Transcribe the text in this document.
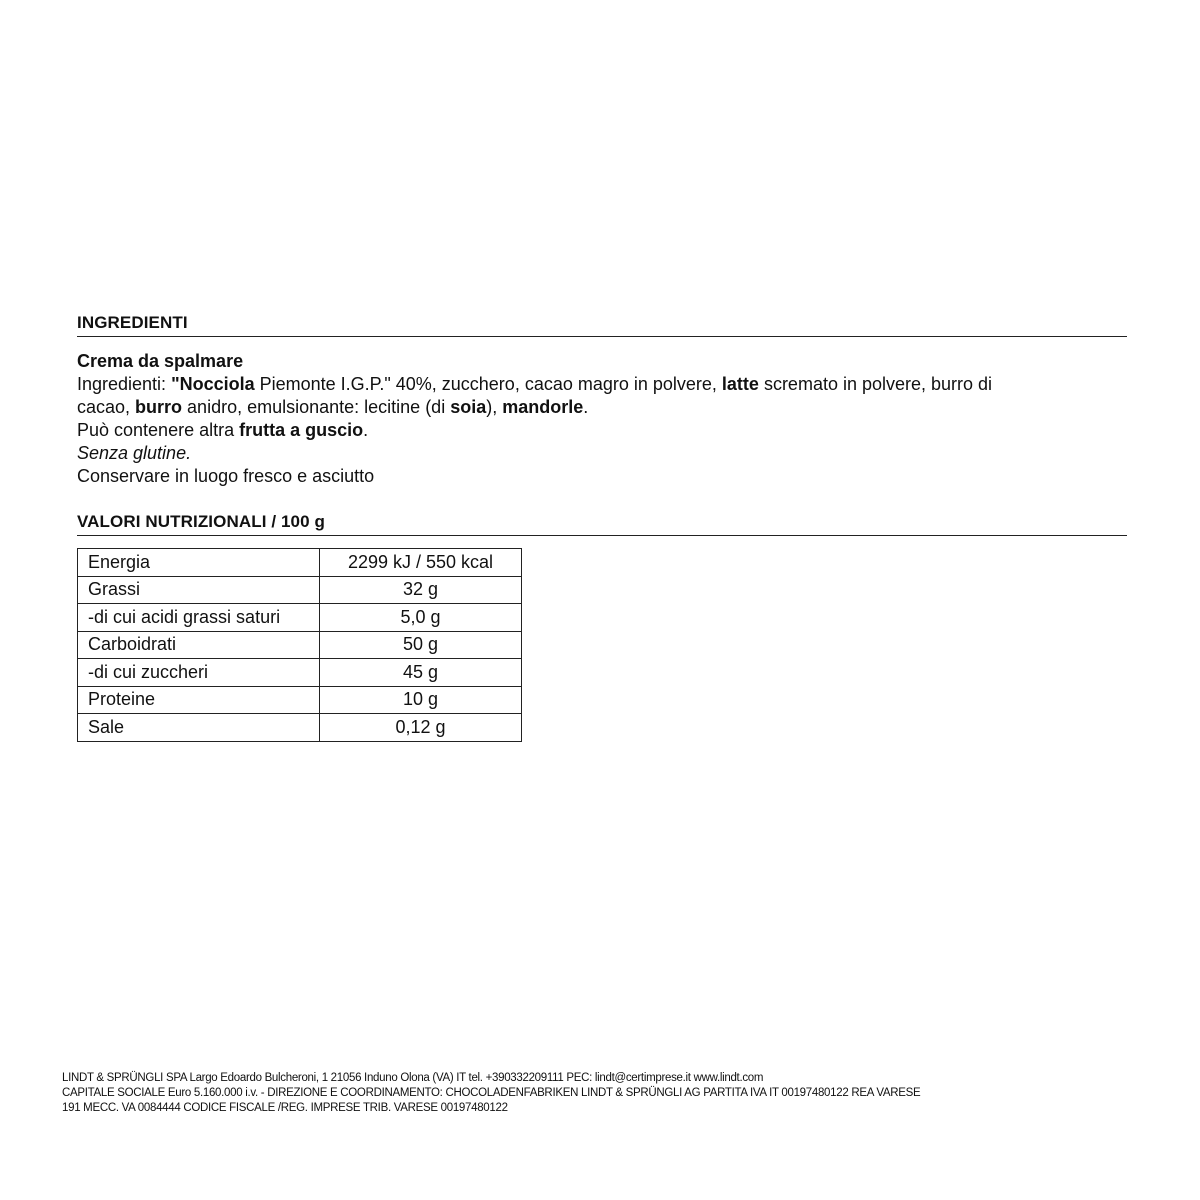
INGREDIENTI

Crema da spalmare

Ingredienti: "Nocciola Piemonte I.G.P." 40%, zucchero, cacao magro in polvere, latte scremato in polvere, burro di

cacao, burro anidro, emulsionante: lecitine (di soia), mandorle.

Può contenere altra frutta a guscio.

Senza glutine.

Conservare in luogo fresco e asciutto

VALORI NUTRIZIONALI / 100 g
Energia	2299 kJ / 550 kcal
Grassi	32 g
-di cui acidi grassi saturi	5,0 g
Carboidrati	50 g
-di cui zuccheri	45 g
Proteine	10 g
Sale	0,12 g
LINDT & SPRÜNGLI SPA Largo Edoardo Bulcheroni, 1 21056 Induno Olona (VA) IT tel. +390332209111 PEC: lindt@certimprese.it www.lindt.com
CAPITALE SOCIALE Euro 5.160.000 i.v. - DIREZIONE E COORDINAMENTO: CHOCOLADENFABRIKEN LINDT & SPRÜNGLI AG PARTITA IVA IT 00197480122 REA VARESE
191 MECC. VA 0084444 CODICE FISCALE /REG. IMPRESE TRIB. VARESE 00197480122
